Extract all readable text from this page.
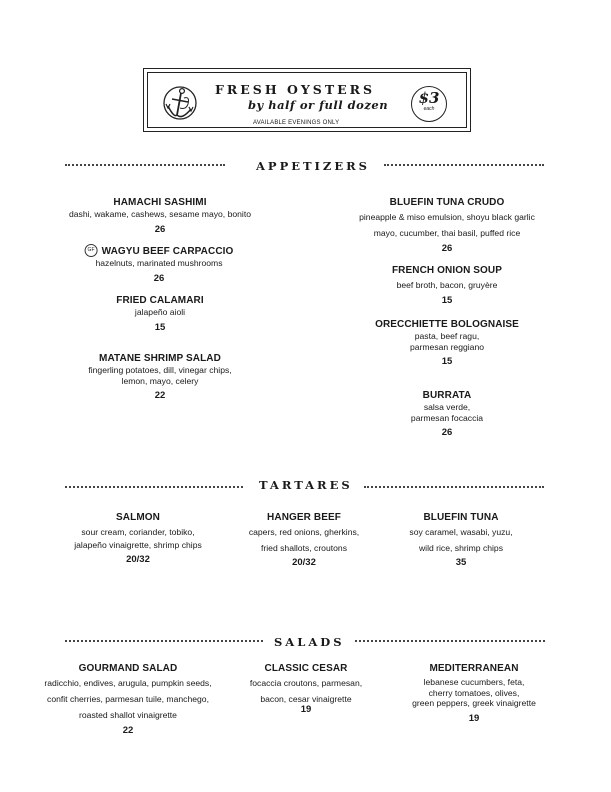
FRESH OYSTERS
by half or full dozen
AVAILABLE EVENINGS ONLY
$3
each
APPETIZERS
HAMACHI SASHIMI
dashi, wakame, cashews, sesame mayo, bonito
26
GF WAGYU BEEF CARPACCIO
hazelnuts, marinated mushrooms
26
FRIED CALAMARI
jalapeño aioli
15
MATANE SHRIMP SALAD
fingerling potatoes, dill, vinegar chips,
lemon, mayo, celery
22
BLUEFIN TUNA CRUDO
pineapple & miso emulsion, shoyu black garlic
mayo, cucumber, thai basil, puffed rice
26
FRENCH ONION SOUP
beef broth, bacon, gruyère
15
ORECCHIETTE BOLOGNAISE
pasta, beef ragu,
parmesan reggiano
15
BURRATA
salsa verde,
parmesan focaccia
26
TARTARES
SALMON
sour cream, coriander, tobiko,
jalapeño vinaigrette, shrimp chips
20/32
HANGER BEEF
capers, red onions, gherkins,
fried shallots, croutons
20/32
BLUEFIN TUNA
soy caramel, wasabi, yuzu,
wild rice, shrimp chips
35
SALADS
GOURMAND SALAD
radicchio, endives, arugula, pumpkin seeds,
confit cherries, parmesan tuile, manchego,
roasted shallot vinaigrette
22
CLASSIC CESAR
focaccia croutons, parmesan,
bacon, cesar vinaigrette
19
MEDITERRANEAN
lebanese cucumbers, feta,
cherry tomatoes, olives,
green peppers, greek vinaigrette
19
